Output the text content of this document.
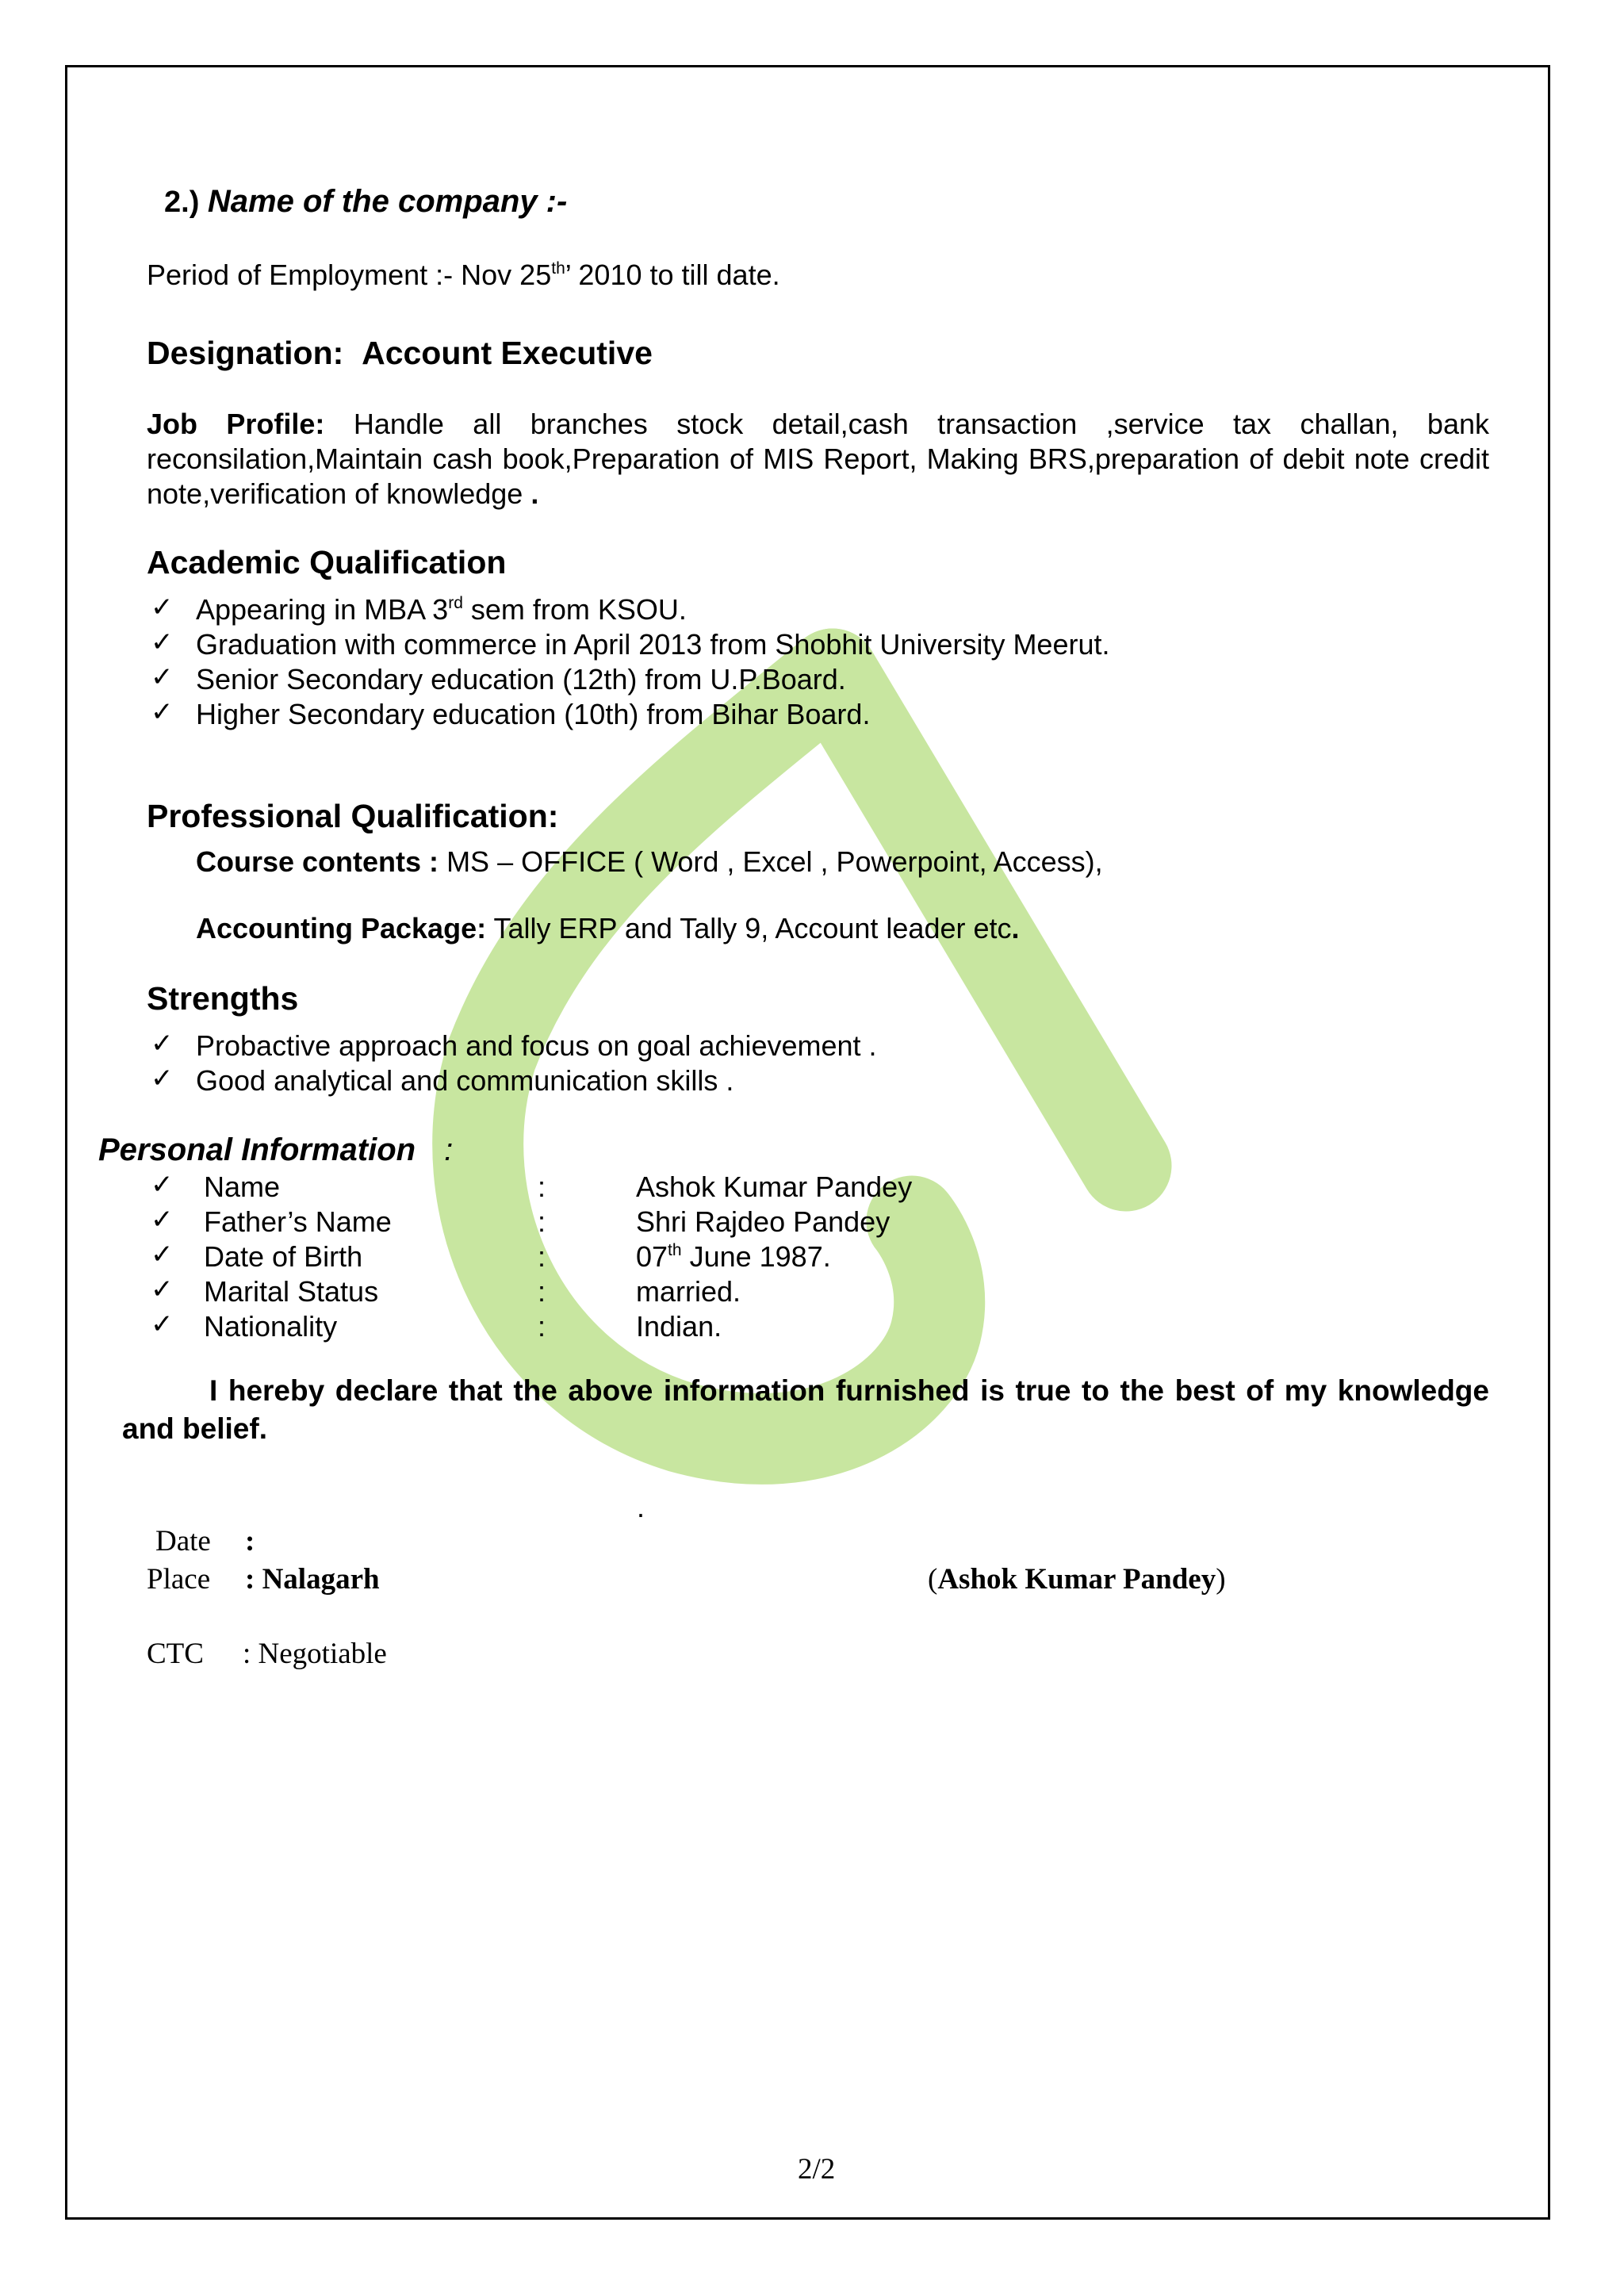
2.) Name of the company :-
Period of Employment :- Nov 25th’ 2010 to till date.
Designation: Account Executive
Job Profile: Handle all branches stock detail,cash transaction ,service tax challan, bank reconsilation,Maintain cash book,Preparation of MIS Report, Making BRS,preparation of debit note credit note,verification of knowledge .
Academic Qualification
✓ Appearing in MBA 3rd sem from KSOU.
✓ Graduation with commerce in April 2013 from Shobhit University Meerut.
✓ Senior Secondary education (12th) from U.P.Board.
✓ Higher Secondary education (10th) from Bihar Board.
Professional Qualification:
Course contents : MS – OFFICE ( Word , Excel , Powerpoint, Access),
Accounting Package: Tally ERP and Tally 9, Account leader etc.
Strengths
✓ Probactive approach and focus on goal achievement .
✓ Good analytical and communication skills .
Personal Information :
✓ Name	:	Ashok Kumar Pandey
✓ Father’s Name	:	Shri Rajdeo Pandey
✓ Date of Birth	:	07th June 1987.
✓ Marital Status	:	married.
✓ Nationality	:	Indian.
I hereby declare that the above information furnished is true to the best of my knowledge and belief.
.
Date :
Place : Nalagarh	(Ashok Kumar Pandey)
CTC : Negotiable
2/2
